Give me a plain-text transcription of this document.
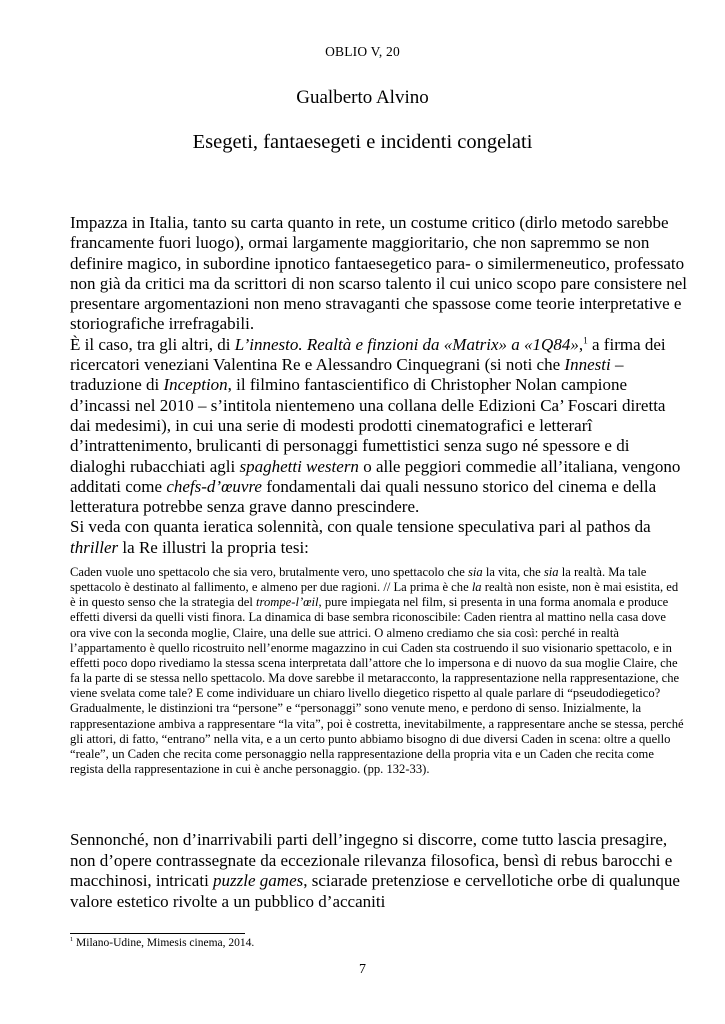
OBLIO V, 20
Gualberto Alvino
Esegeti, fantaesegeti e incidenti congelati

Impazza in Italia, tanto su carta quanto in rete, un costume critico (dirlo metodo sarebbe francamente fuori luogo), ormai largamente maggioritario, che non sapremmo se non definire magico, in subordine ipnotico fantaesegetico para- o similermeneutico, professato non già da critici ma da scrittori di non scarso talento il cui unico scopo pare consistere nel presentare argomentazioni non meno stravaganti che spassose come teorie interpretative e storiografiche irrefragabili.

È il caso, tra gli altri, di L’innesto. Realtà e finzioni da «Matrix» a «1Q84»,$^1$ a firma dei ricercatori veneziani Valentina Re e Alessandro Cinquegrani (si noti che Innesti – traduzione di Inception, il filmino fantascientifico di Christopher Nolan campione d’incassi nel 2010 – s’intitola nientemeno una collana delle Edizioni Ca’ Foscari diretta dai medesimi), in cui una serie di modesti prodotti cinematografici e letterarî d’intrattenimento, brulicanti di personaggi fumettistici senza sugo né spessore e di dialoghi rubacchiati agli spaghetti western o alle peggiori commedie all’italiana, vengono additati come chefs-d’œuvre fondamentali dai quali nessuno storico del cinema e della letteratura potrebbe senza grave danno prescindere.

Si veda con quanta ieratica solennità, con quale tensione speculativa pari al pathos da thriller la Re illustri la propria tesi:

Caden vuole uno spettacolo che sia vero, brutalmente vero, uno spettacolo che sia la vita, che sia la realtà. Ma tale spettacolo è destinato al fallimento, e almeno per due ragioni. // La prima è che la realtà non esiste, non è mai esistita, ed è in questo senso che la strategia del trompe-l’œil, pure impiegata nel film, si presenta in una forma anomala e produce effetti diversi da quelli visti finora. La dinamica di base sembra riconoscibile: Caden rientra al mattino nella casa dove ora vive con la seconda moglie, Claire, una delle sue attrici. O almeno crediamo che sia così: perché in realtà l’appartamento è quello ricostruito nell’enorme magazzino in cui Caden sta costruendo il suo visionario spettacolo, e in effetti poco dopo rivediamo la stessa scena interpretata dall’attore che lo impersona e di nuovo da sua moglie Claire, che fa la parte di se stessa nello spettacolo. Ma dove sarebbe il metaracconto, la rappresentazione nella rappresentazione, che viene svelata come tale? E come individuare un chiaro livello diegetico rispetto al quale parlare di “pseudodiegetico? Gradualmente, le distinzioni tra “persone” e “personaggi” sono venute meno, e perdono di senso. Inizialmente, la rappresentazione ambiva a rappresentare “la vita”, poi è costretta, inevitabilmente, a rappresentare anche se stessa, perché gli attori, di fatto, “entrano” nella vita, e a un certo punto abbiamo bisogno di due diversi Caden in scena: oltre a quello “reale”, un Caden che recita come personaggio nella rappresentazione della propria vita e un Caden che recita come regista della rappresentazione in cui è anche personaggio. (pp. 132-33).

Sennonché, non d’inarrivabili parti dell’ingegno si discorre, come tutto lascia presagire, non d’opere contrassegnate da eccezionale rilevanza filosofica, bensì di rebus barocchi e macchinosi, intricati puzzle games, sciarade pretenziose e cervellotiche orbe di qualunque valore estetico rivolte a un pubblico d’accaniti

$^1$ Milano-Udine, Mimesis cinema, 2014.
7
